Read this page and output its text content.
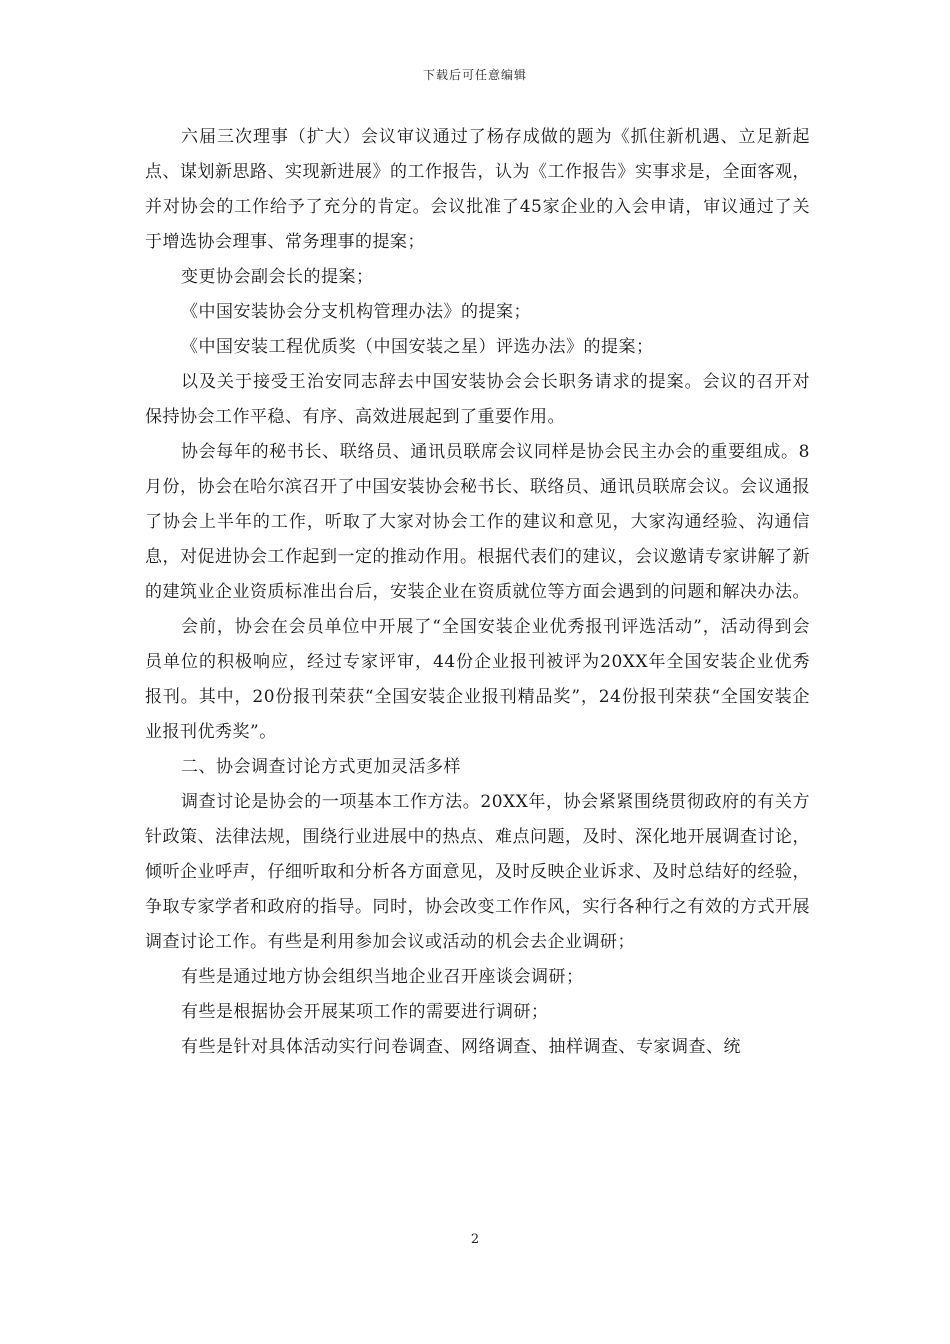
下载后可任意编辑

六届三次理事（扩大）会议审议通过了杨存成做的题为《抓住新机遇、立足新起点、谋划新思路、实现新进展》的工作报告，认为《工作报告》实事求是，全面客观，并对协会的工作给予了充分的肯定。会议批准了45家企业的入会申请，审议通过了关于增选协会理事、常务理事的提案；

变更协会副会长的提案；

《中国安装协会分支机构管理办法》的提案；

《中国安装工程优质奖（中国安装之星）评选办法》的提案；

以及关于接受王治安同志辞去中国安装协会会长职务请求的提案。会议的召开对保持协会工作平稳、有序、高效进展起到了重要作用。

协会每年的秘书长、联络员、通讯员联席会议同样是协会民主办会的重要组成。8月份，协会在哈尔滨召开了中国安装协会秘书长、联络员、通讯员联席会议。会议通报了协会上半年的工作，听取了大家对协会工作的建议和意见，大家沟通经验、沟通信息，对促进协会工作起到一定的推动作用。根据代表们的建议，会议邀请专家讲解了新的建筑业企业资质标准出台后，安装企业在资质就位等方面会遇到的问题和解决办法。

会前，协会在会员单位中开展了“全国安装企业优秀报刊评选活动”，活动得到会员单位的积极响应，经过专家评审，44份企业报刊被评为20XX年全国安装企业优秀报刊。其中，20份报刊荣获“全国安装企业报刊精品奖”，24份报刊荣获“全国安装企业报刊优秀奖”。

二、协会调查讨论方式更加灵活多样

调查讨论是协会的一项基本工作方法。20XX年，协会紧紧围绕贯彻政府的有关方针政策、法律法规，围绕行业进展中的热点、难点问题，及时、深化地开展调查讨论，倾听企业呼声，仔细听取和分析各方面意见，及时反映企业诉求、及时总结好的经验，争取专家学者和政府的指导。同时，协会改变工作作风，实行各种行之有效的方式开展调查讨论工作。有些是利用参加会议或活动的机会去企业调研；

有些是通过地方协会组织当地企业召开座谈会调研；

有些是根据协会开展某项工作的需要进行调研；

有些是针对具体活动实行问卷调查、网络调查、抽样调查、专家调查、统

2
